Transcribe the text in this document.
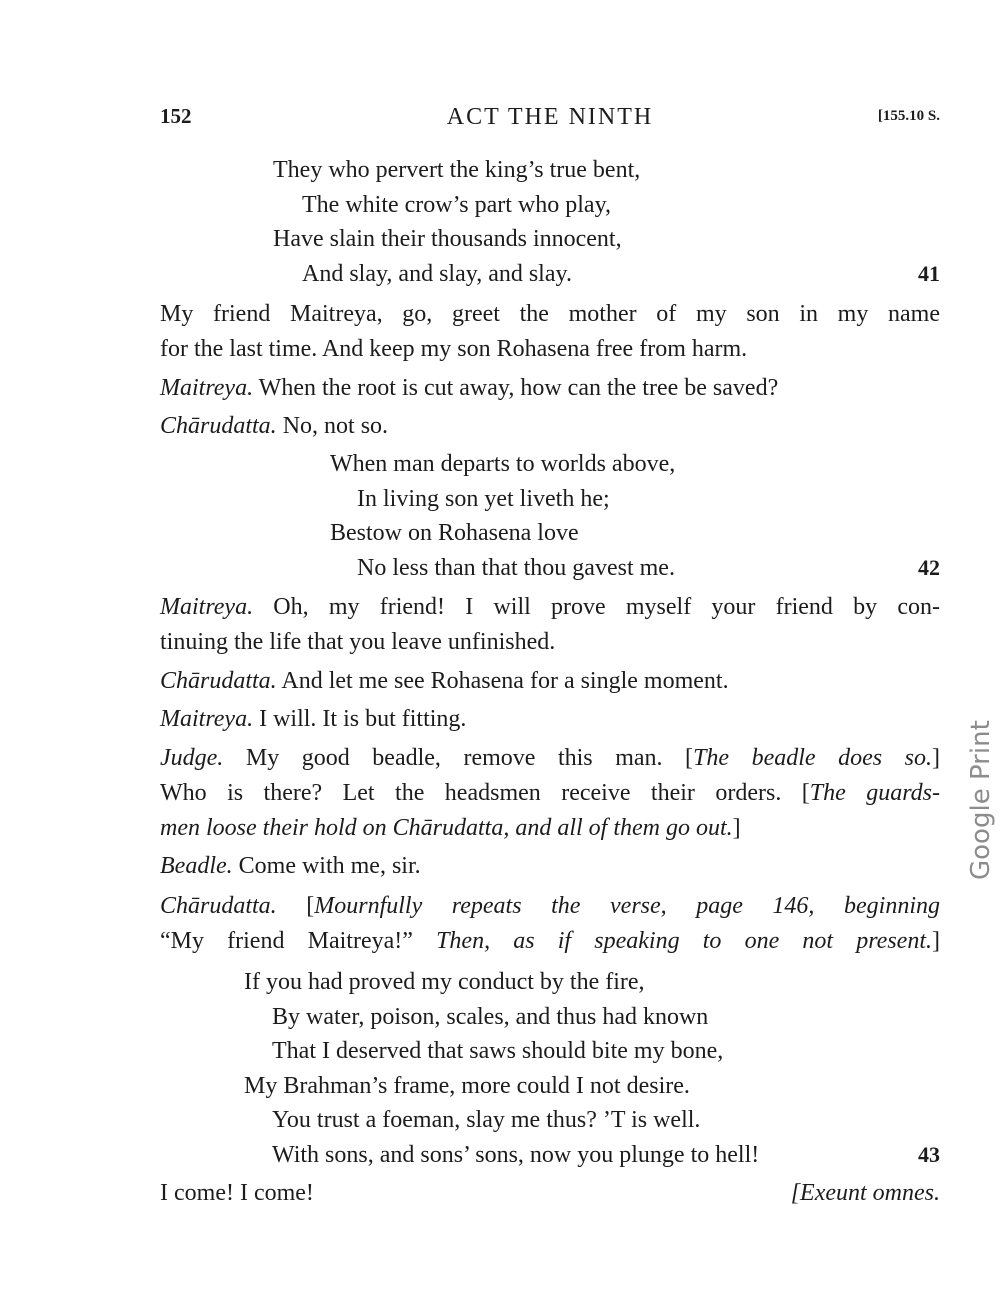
152	ACT THE NINTH	[155.10 S.
They who pervert the king’s true bent,
The white crow’s part who play,
Have slain their thousands innocent,
And slay, and slay, and slay.	41
My friend Maitreya, go, greet the mother of my son in my name
for the last time. And keep my son Rohasena free from harm.
Maitreya. When the root is cut away, how can the tree be saved?
Chārudatta. No, not so.
When man departs to worlds above,
In living son yet liveth he;
Bestow on Rohasena love
No less than that thou gavest me.	42
Maitreya. Oh, my friend! I will prove myself your friend by con-
tinuing the life that you leave unfinished.
Chārudatta. And let me see Rohasena for a single moment.
Maitreya. I will. It is but fitting.
Judge. My good beadle, remove this man. [The beadle does so.]
Who is there? Let the headsmen receive their orders. [The guards-
men loose their hold on Chārudatta, and all of them go out.]
Beadle. Come with me, sir.
Chārudatta. [Mournfully repeats the verse, page 146, beginning
“My friend Maitreya!” Then, as if speaking to one not present.]
If you had proved my conduct by the fire,
By water, poison, scales, and thus had known
That I deserved that saws should bite my bone,
My Brahman’s frame, more could I not desire.
You trust a foeman, slay me thus? ’T is well.
With sons, and sons’ sons, now you plunge to hell!	43
I come! I come!	[Exeunt omnes.
Google Print
